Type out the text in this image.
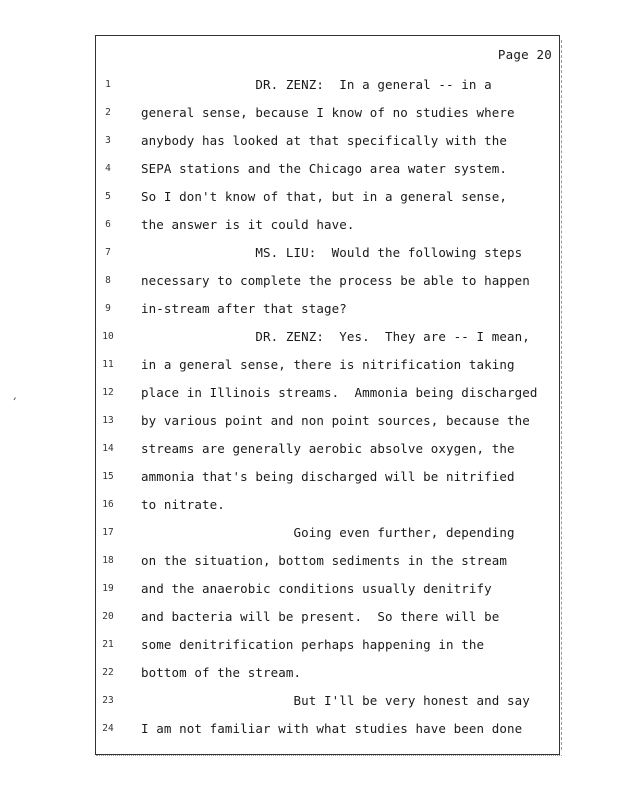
Page 20
1	DR. ZENZ:  In a general -- in a
2	general sense, because I know of no studies where
3	anybody has looked at that specifically with the
4	SEPA stations and the Chicago area water system.
5	So I don't know of that, but in a general sense,
6	the answer is it could have.
7	MS. LIU:  Would the following steps
8	necessary to complete the process be able to happen
9	in-stream after that stage?
10	DR. ZENZ:  Yes.  They are -- I mean,
11	in a general sense, there is nitrification taking
12	place in Illinois streams.  Ammonia being discharged
13	by various point and non point sources, because the
14	streams are generally aerobic absolve oxygen, the
15	ammonia that's being discharged will be nitrified
16	to nitrate.
17	Going even further, depending
18	on the situation, bottom sediments in the stream
19	and the anaerobic conditions usually denitrify
20	and bacteria will be present.  So there will be
21	some denitrification perhaps happening in the
22	bottom of the stream.
23	But I'll be very honest and say
24	I am not familiar with what studies have been done
